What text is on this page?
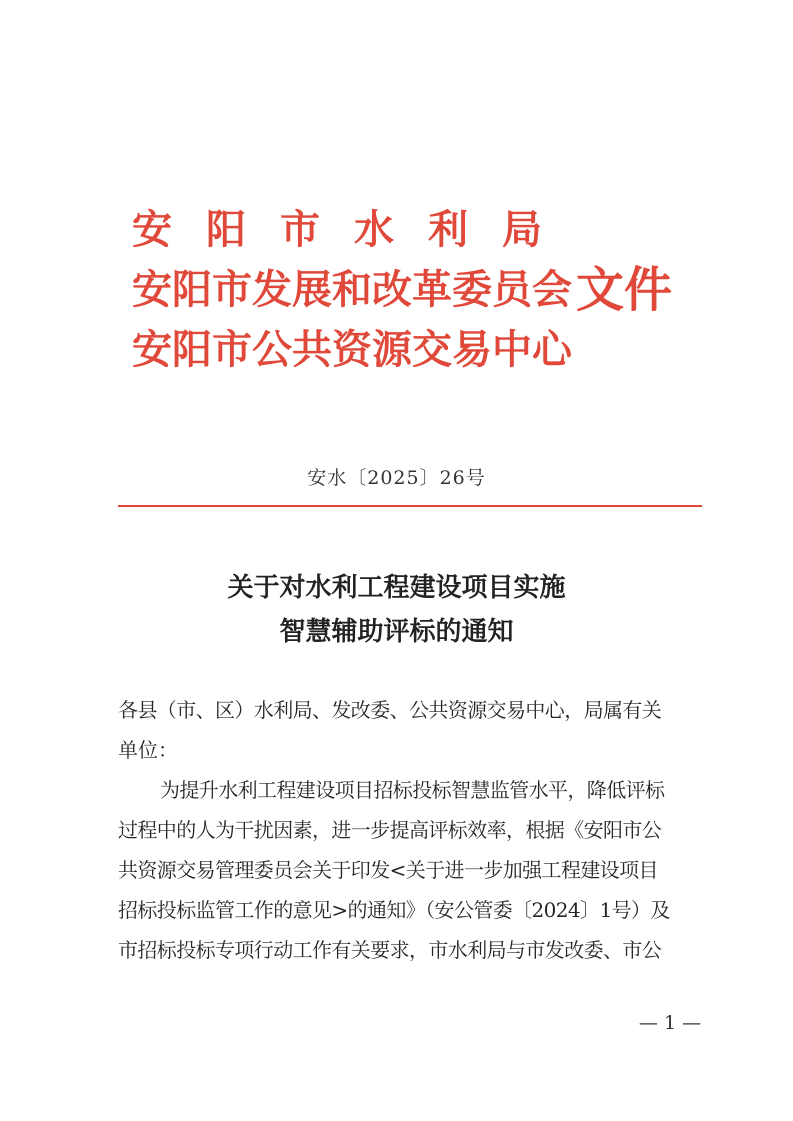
安阳市水利局
安阳市发展和改革委员会 文件
安阳市公共资源交易中心
安水〔2025〕26号
关于对水利工程建设项目实施
智慧辅助评标的通知
各县（市、区）水利局、发改委、公共资源交易中心，局属有关
单位：
为提升水利工程建设项目招标投标智慧监管水平，降低评标
过程中的人为干扰因素，进一步提高评标效率，根据《安阳市公
共资源交易管理委员会关于印发<关于进一步加强工程建设项目
招标投标监管工作的意见>的通知》（安公管委〔2024〕1号）及
市招标投标专项行动工作有关要求，市水利局与市发改委、市公
— 1 —
